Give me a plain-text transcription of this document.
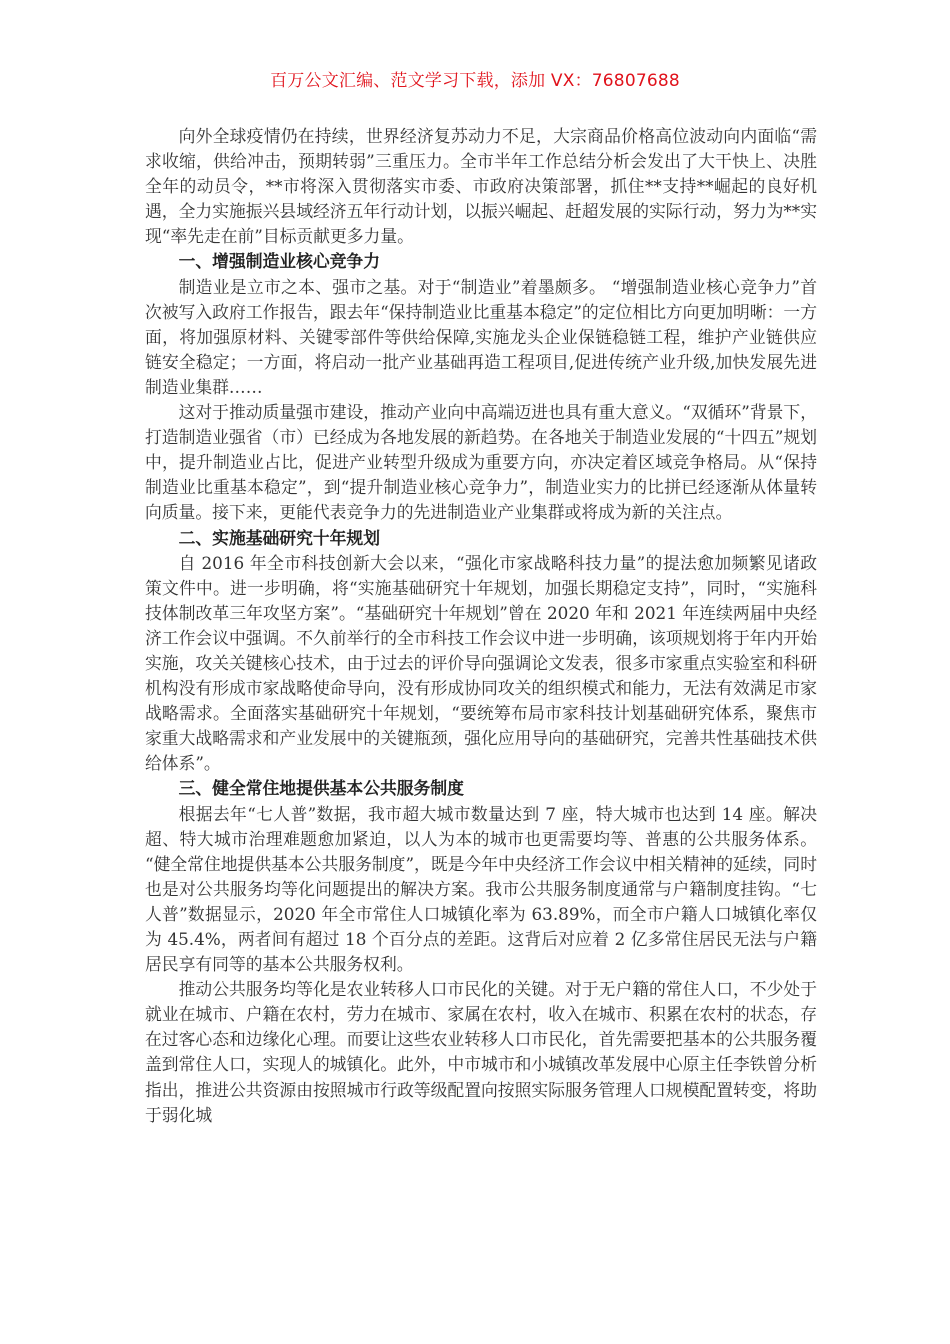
百万公文汇编、范文学习下载，添加 VX：76807688

向外全球疫情仍在持续，世界经济复苏动力不足，大宗商品价格高位波动向内面临“需求收缩，供给冲击，预期转弱”三重压力。全市半年工作总结分析会发出了大干快上、决胜全年的动员令，**市将深入贯彻落实市委、市政府决策部署，抓住**支持**崛起的良好机遇，全力实施振兴县域经济五年行动计划，以振兴崛起、赶超发展的实际行动，努力为**实现“率先走在前”目标贡献更多力量。

一、增强制造业核心竞争力

制造业是立市之本、强市之基。对于“制造业”着墨颇多。 “增强制造业核心竞争力”首次被写入政府工作报告，跟去年“保持制造业比重基本稳定”的定位相比方向更加明晰：一方面，将加强原材料、关键零部件等供给保障,实施龙头企业保链稳链工程，维护产业链供应链安全稳定；一方面，将启动一批产业基础再造工程项目,促进传统产业升级,加快发展先进制造业集群……

这对于推动质量强市建设，推动产业向中高端迈进也具有重大意义。“双循环”背景下，打造制造业强省（市）已经成为各地发展的新趋势。在各地关于制造业发展的“十四五”规划中，提升制造业占比，促进产业转型升级成为重要方向，亦决定着区域竞争格局。从“保持制造业比重基本稳定”，到“提升制造业核心竞争力”，制造业实力的比拼已经逐渐从体量转向质量。接下来，更能代表竞争力的先进制造业产业集群或将成为新的关注点。

二、实施基础研究十年规划

自 2016 年全市科技创新大会以来，“强化市家战略科技力量”的提法愈加频繁见诸政策文件中。进一步明确，将“实施基础研究十年规划，加强长期稳定支持”，同时，“实施科技体制改革三年攻坚方案”。“基础研究十年规划”曾在 2020 年和 2021 年连续两届中央经济工作会议中强调。不久前举行的全市科技工作会议中进一步明确，该项规划将于年内开始实施，攻关关键核心技术，由于过去的评价导向强调论文发表，很多市家重点实验室和科研机构没有形成市家战略使命导向，没有形成协同攻关的组织模式和能力，无法有效满足市家战略需求。全面落实基础研究十年规划，“要统筹布局市家科技计划基础研究体系，聚焦市家重大战略需求和产业发展中的关键瓶颈，强化应用导向的基础研究，完善共性基础技术供给体系”。

三、健全常住地提供基本公共服务制度

根据去年“七人普”数据，我市超大城市数量达到 7 座，特大城市也达到 14 座。解决超、特大城市治理难题愈加紧迫，以人为本的城市也更需要均等、普惠的公共服务体系。 “健全常住地提供基本公共服务制度”，既是今年中央经济工作会议中相关精神的延续，同时也是对公共服务均等化问题提出的解决方案。我市公共服务制度通常与户籍制度挂钩。“七人普”数据显示，2020 年全市常住人口城镇化率为 63.89%，而全市户籍人口城镇化率仅为 45.4%，两者间有超过 18 个百分点的差距。这背后对应着 2 亿多常住居民无法与户籍居民享有同等的基本公共服务权利。

推动公共服务均等化是农业转移人口市民化的关键。对于无户籍的常住人口，不少处于就业在城市、户籍在农村，劳力在城市、家属在农村，收入在城市、积累在农村的状态，存在过客心态和边缘化心理。而要让这些农业转移人口市民化，首先需要把基本的公共服务覆盖到常住人口，实现人的城镇化。此外，中市城市和小城镇改革发展中心原主任李铁曾分析指出，推进公共资源由按照城市行政等级配置向按照实际服务管理人口规模配置转变，将助于弱化城
